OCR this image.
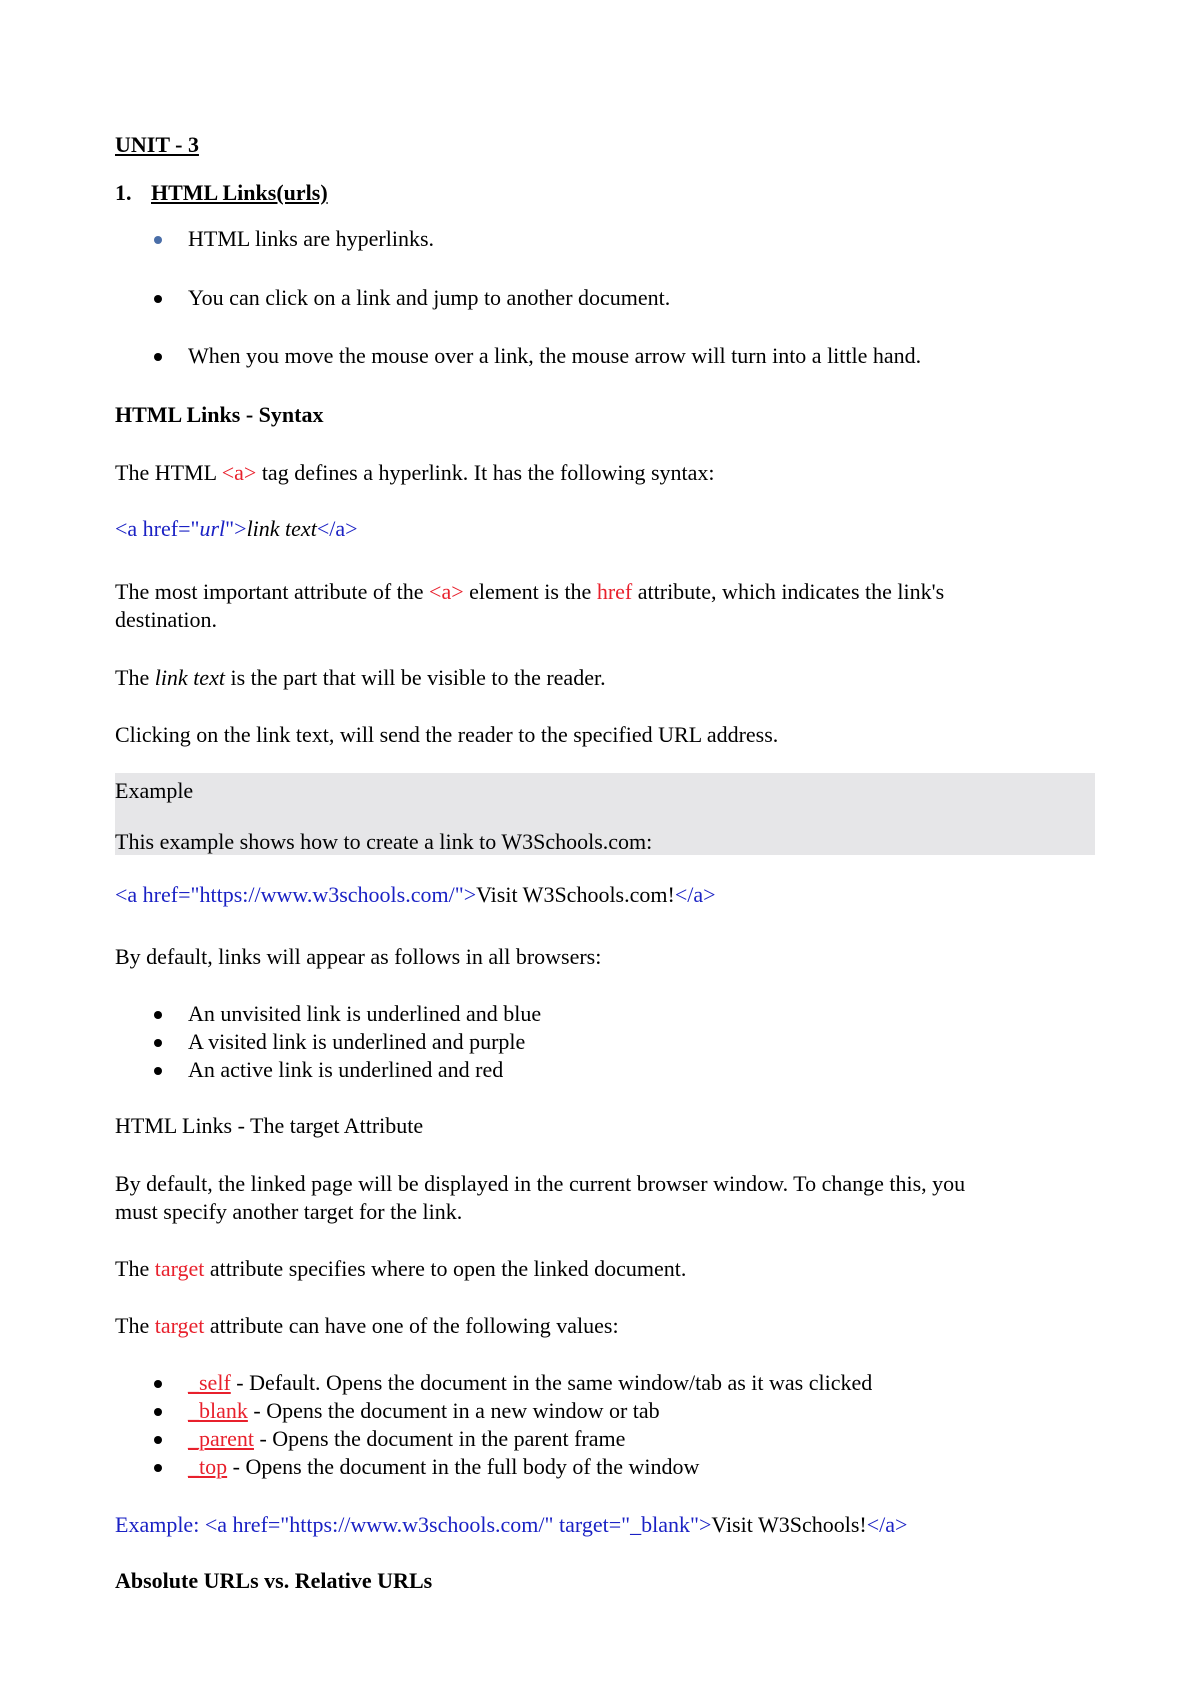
UNIT - 3
1. HTML Links(urls)
HTML links are hyperlinks.
You can click on a link and jump to another document.
When you move the mouse over a link, the mouse arrow will turn into a little hand.
HTML Links - Syntax
The HTML <a> tag defines a hyperlink. It has the following syntax:
<a href="url">link text</a>
The most important attribute of the <a> element is the href attribute, which indicates the link's
destination.
The link text is the part that will be visible to the reader.
Clicking on the link text, will send the reader to the specified URL address.
Example
This example shows how to create a link to W3Schools.com:
<a href="https://www.w3schools.com/">Visit W3Schools.com!</a>
By default, links will appear as follows in all browsers:
An unvisited link is underlined and blue
A visited link is underlined and purple
An active link is underlined and red
HTML Links - The target Attribute
By default, the linked page will be displayed in the current browser window. To change this, you
must specify another target for the link.
The target attribute specifies where to open the linked document.
The target attribute can have one of the following values:
_self - Default. Opens the document in the same window/tab as it was clicked
_blank - Opens the document in a new window or tab
_parent - Opens the document in the parent frame
_top - Opens the document in the full body of the window
Example: <a href="https://www.w3schools.com/" target="_blank">Visit W3Schools!</a>
Absolute URLs vs. Relative URLs
